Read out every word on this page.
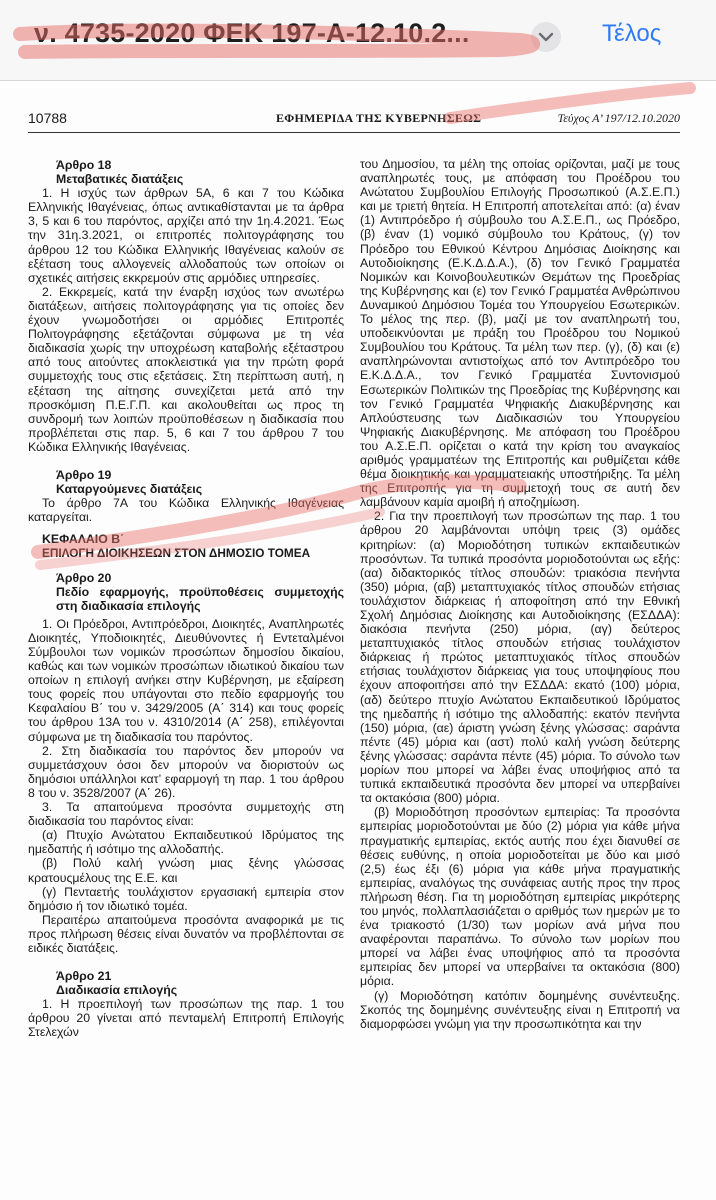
ν. 4735-2020 ΦΕΚ 197-Α-12.10.2...	Τέλος
10788	ΕΦΗΜΕΡΙΔΑ ΤΗΣ ΚΥΒΕΡΝΗΣΕΩΣ	Τεύχος Α’ 197/12.10.2020
Άρθρο 18
Μεταβατικές διατάξεις

1. Η ισχύς των άρθρων 5Α, 6 και 7 του Κώδικα Ελληνικής Ιθαγένειας, όπως αντικαθίστανται με τα άρθρα 3, 5 και 6 του παρόντος, αρχίζει από την 1η.4.2021. Έως την 31η.3.2021, οι επιτροπές πολιτογράφησης του άρθρου 12 του Κώδικα Ελληνικής Ιθαγένειας καλούν σε εξέταση τους αλλογενείς αλλοδαπούς των οποίων οι σχετικές αιτήσεις εκκρεμούν στις αρμόδιες υπηρεσίες.

2. Εκκρεμείς, κατά την έναρξη ισχύος των ανωτέρω διατάξεων, αιτήσεις πολιτογράφησης για τις οποίες δεν έχουν γνωμοδοτήσει οι αρμόδιες Επιτροπές Πολιτογράφησης εξετάζονται σύμφωνα με τη νέα διαδικασία χωρίς την υποχρέωση καταβολής εξέταστρου από τους αιτούντες αποκλειστικά για την πρώτη φορά συμμετοχής τους στις εξετάσεις. Στη περίπτωση αυτή, η εξέταση της αίτησης συνεχίζεται μετά από την προσκόμιση Π.Ε.Γ.Π. και ακολουθείται ως προς τη συνδρομή των λοιπών προϋποθέσεων η διαδικασία που προβλέπεται στις παρ. 5, 6 και 7 του άρθρου 7 του Κώδικα Ελληνικής Ιθαγένειας.

Άρθρο 19
Καταργούμενες διατάξεις

Το άρθρο 7Α του Κώδικα Ελληνικής Ιθαγένειας καταργείται.

ΚΕΦΑΛΑΙΟ Β΄
ΕΠΙΛΟΓΗ ΔΙΟΙΚΗΣΕΩΝ ΣΤΟΝ ΔΗΜΟΣΙΟ ΤΟΜΕΑ
Άρθρο 20
Πεδίο εφαρμογής, προϋποθέσεις συμμετοχής στη διαδικασία επιλογής

1. Οι Πρόεδροι, Αντιπρόεδροι, Διοικητές, Αναπληρωτές Διοικητές, Υποδιοικητές, Διευθύνοντες ή Εντεταλμένοι Σύμβουλοι των νομικών προσώπων δημοσίου δικαίου, καθώς και των νομικών προσώπων ιδιωτικού δικαίου των οποίων η επιλογή ανήκει στην Κυβέρνηση, με εξαίρεση τους φορείς που υπάγονται στο πεδίο εφαρμογής του Κεφαλαίου Β΄ του ν. 3429/2005 (Α΄ 314) και τους φορείς του άρθρου 13Α του ν. 4310/2014 (Α΄ 258), επιλέγονται σύμφωνα με τη διαδικασία του παρόντος.

2. Στη διαδικασία του παρόντος δεν μπορούν να συμμετάσχουν όσοι δεν μπορούν να διοριστούν ως δημόσιοι υπάλληλοι κατ’ εφαρμογή τη παρ. 1 του άρθρου 8 του ν. 3528/2007 (Α΄ 26).

3. Τα απαιτούμενα προσόντα συμμετοχής στη διαδικασία του παρόντος είναι:

(α) Πτυχίο Ανώτατου Εκπαιδευτικού Ιδρύματος της ημεδαπής ή ισότιμο της αλλοδαπής.

(β) Πολύ καλή γνώση μιας ξένης γλώσσας κρατουςμέλους της Ε.Ε. και

(γ) Πενταετής τουλάχιστον εργασιακή εμπειρία στον δημόσιο ή τον ιδιωτικό τομέα.

Περαιτέρω απαιτούμενα προσόντα αναφορικά με τις προς πλήρωση θέσεις είναι δυνατόν να προβλέπονται σε ειδικές διατάξεις.

Άρθρο 21
Διαδικασία επιλογής

1. Η προεπιλογή των προσώπων της παρ. 1 του άρθρου 20 γίνεται από πενταμελή Επιτροπή Επιλογής Στελεχών

του Δημοσίου, τα μέλη της οποίας ορίζονται, μαζί με τους αναπληρωτές τους, με απόφαση του Προέδρου του Ανώτατου Συμβουλίου Επιλογής Προσωπικού (Α.Σ.Ε.Π.) και με τριετή θητεία. Η Επιτροπή αποτελείται από: (α) έναν (1) Αντιπρόεδρο ή σύμβουλο του Α.Σ.Ε.Π., ως Πρόεδρο, (β) έναν (1) νομικό σύμβουλο του Κράτους, (γ) τον Πρόεδρο του Εθνικού Κέντρου Δημόσιας Διοίκησης και Αυτοδιοίκησης (Ε.Κ.Δ.Δ.Α.), (δ) τον Γενικό Γραμματέα Νομικών και Κοινοβουλευτικών Θεμάτων της Προεδρίας της Κυβέρνησης και (ε) τον Γενικό Γραμματέα Ανθρώπινου Δυναμικού Δημόσιου Τομέα του Υπουργείου Εσωτερικών. Το μέλος της περ. (β), μαζί με τον αναπληρωτή του, υποδεικνύονται με πράξη του Προέδρου του Νομικού Συμβουλίου του Κράτους. Τα μέλη των περ. (γ), (δ) και (ε) αναπληρώνονται αντιστοίχως από τον Αντιπρόεδρο του Ε.Κ.Δ.Δ.Α., τον Γενικό Γραμματέα Συντονισμού Εσωτερικών Πολιτικών της Προεδρίας της Κυβέρνησης και τον Γενικό Γραμματέα Ψηφιακής Διακυβέρνησης και Απλούστευσης των Διαδικασιών του Υπουργείου Ψηφιακής Διακυβέρνησης. Με απόφαση του Προέδρου του Α.Σ.Ε.Π. ορίζεται ο κατά την κρίση του αναγκαίος αριθμός γραμματέων της Επιτροπής και ρυθμίζεται κάθε θέμα διοικητικής και γραμματειακής υποστήριξης. Τα μέλη της Επιτροπής για τη συμμετοχή τους σε αυτή δεν λαμβάνουν καμία αμοιβή ή αποζημίωση.

2. Για την προεπιλογή των προσώπων της παρ. 1 του άρθρου 20 λαμβάνονται υπόψη τρεις (3) ομάδες κριτηρίων: (α) Μοριοδότηση τυπικών εκπαιδευτικών προσόντων. Τα τυπικά προσόντα μοριοδοτούνται ως εξής: (αα) διδακτορικός τίτλος σπουδών: τριακόσια πενήντα (350) μόρια, (αβ) μεταπτυχιακός τίτλος σπουδών ετήσιας τουλάχιστον διάρκειας ή αποφοίτηση από την Εθνική Σχολή Δημόσιας Διοίκησης και Αυτοδιοίκησης (ΕΣΔΔΑ): διακόσια πενήντα (250) μόρια, (αγ) δεύτερος μεταπτυχιακός τίτλος σπουδών ετήσιας τουλάχιστον διάρκειας ή πρώτος μεταπτυχιακός τίτλος σπουδών ετήσιας τουλάχιστον διάρκειας για τους υποψηφίους που έχουν αποφοιτήσει από την ΕΣΔΔΑ: εκατό (100) μόρια, (αδ) δεύτερο πτυχίο Ανώτατου Εκπαιδευτικού Ιδρύματος της ημεδαπής ή ισότιμο της αλλοδαπής: εκατόν πενήντα (150) μόρια, (αε) άριστη γνώση ξένης γλώσσας: σαράντα πέντε (45) μόρια και (αστ) πολύ καλή γνώση δεύτερης ξένης γλώσσας: σαράντα πέντε (45) μόρια. Το σύνολο των μορίων που μπορεί να λάβει ένας υποψήφιος από τα τυπικά εκπαιδευτικά προσόντα δεν μπορεί να υπερβαίνει τα οκτακόσια (800) μόρια.

(β) Μοριοδότηση προσόντων εμπειρίας: Τα προσόντα εμπειρίας μοριοδοτούνται με δύο (2) μόρια για κάθε μήνα πραγματικής εμπειρίας, εκτός αυτής που έχει διανυθεί σε θέσεις ευθύνης, η οποία μοριοδοτείται με δύο και μισό (2,5) έως έξι (6) μόρια για κάθε μήνα πραγματικής εμπειρίας, αναλόγως της συνάφειας αυτής προς την προς πλήρωση θέση. Για τη μοριοδότηση εμπειρίας μικρότερης του μηνός, πολλαπλασιάζεται ο αριθμός των ημερών με το ένα τριακοστό (1/30) των μορίων ανά μήνα που αναφέρονται παραπάνω. Το σύνολο των μορίων που μπορεί να λάβει ένας υποψήφιος από τα προσόντα εμπειρίας δεν μπορεί να υπερβαίνει τα οκτακόσια (800) μόρια.

(γ) Μοριοδότηση κατόπιν δομημένης συνέντευξης. Σκοπός της δομημένης συνέντευξης είναι η Επιτροπή να διαμορφώσει γνώμη για την προσωπικότητα και την
